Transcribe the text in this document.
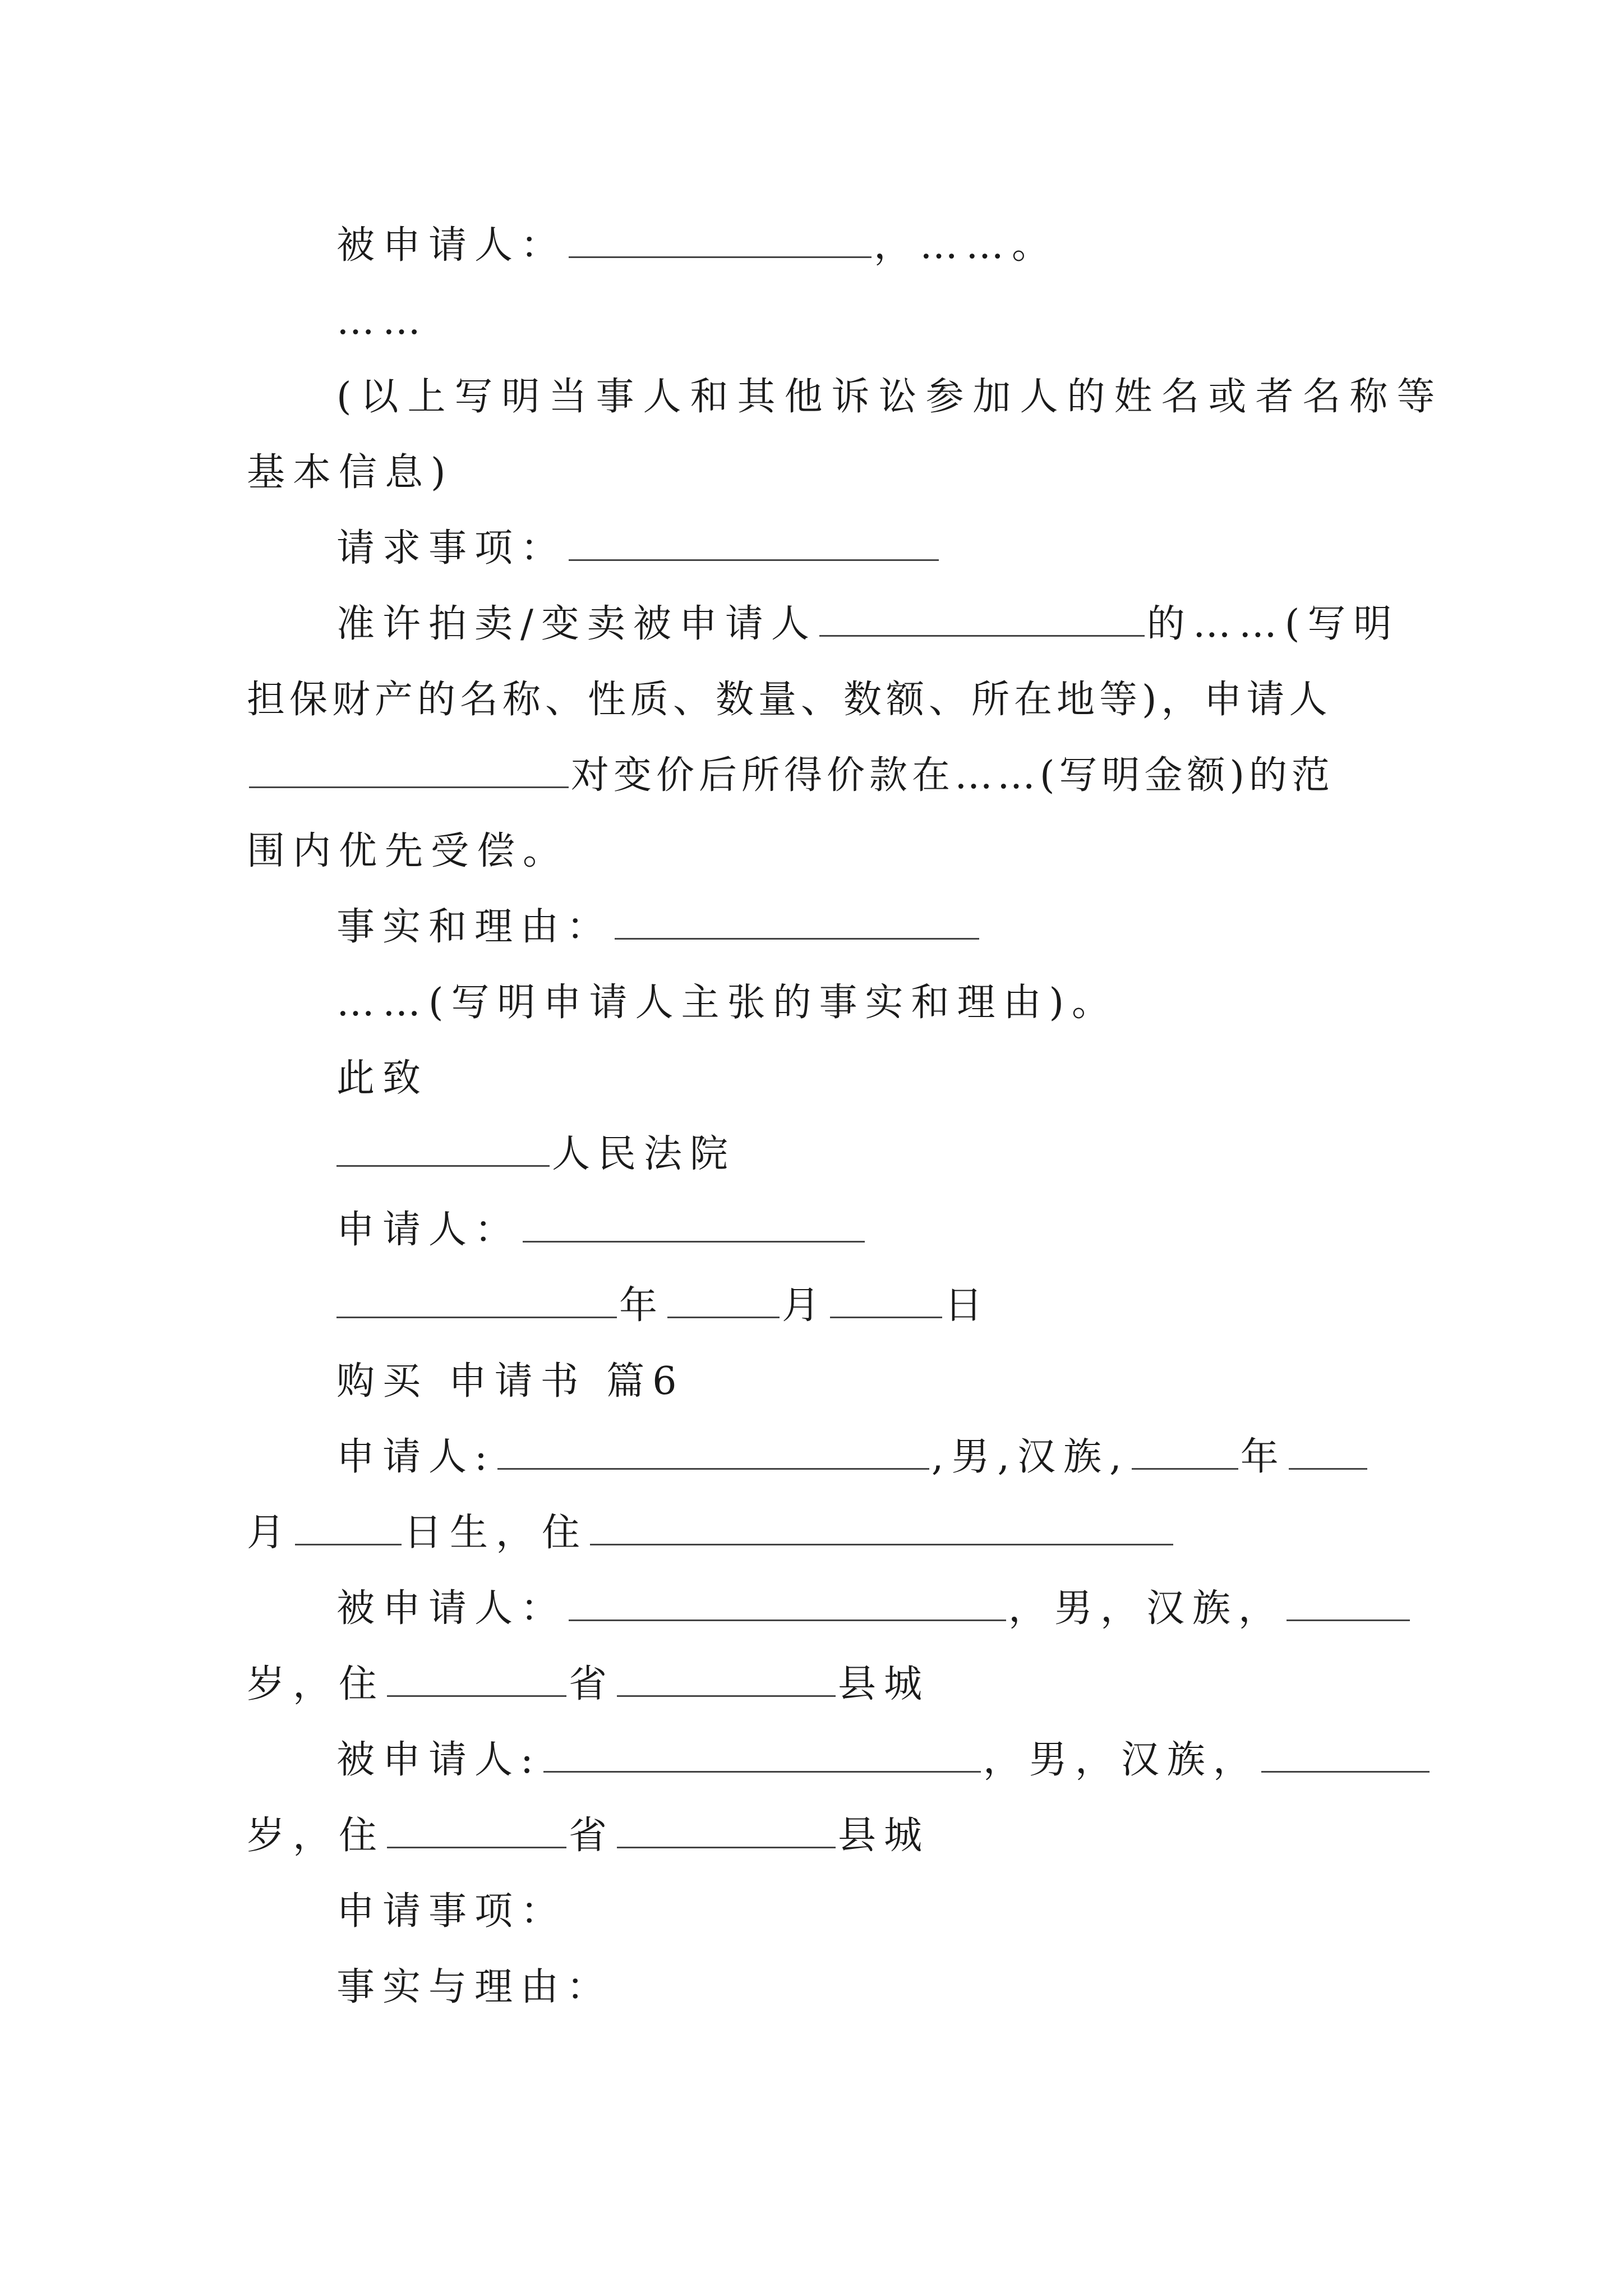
被申请人：	，……。
……
(以上写明当事人和其他诉讼参加人的姓名或者名称等
基本信息)
请求事项：
准许拍卖/变卖被申请人	的……(写明
担保财产的名称、性质、数量、数额、所在地等)，申请人
对变价后所得价款在……(写明金额)的范
围内优先受偿。
事实和理由：
……(写明申请人主张的事实和理由)。
此致
人民法院
申请人：
年	月	日
购买 申请书 篇6
申请人:	,男,汉族,	年
月	日生，住
被申请人：	，男，汉族，
岁，住	省	县城
被申请人:	，男，汉族，
岁，住	省	县城
申请事项：
事实与理由：
